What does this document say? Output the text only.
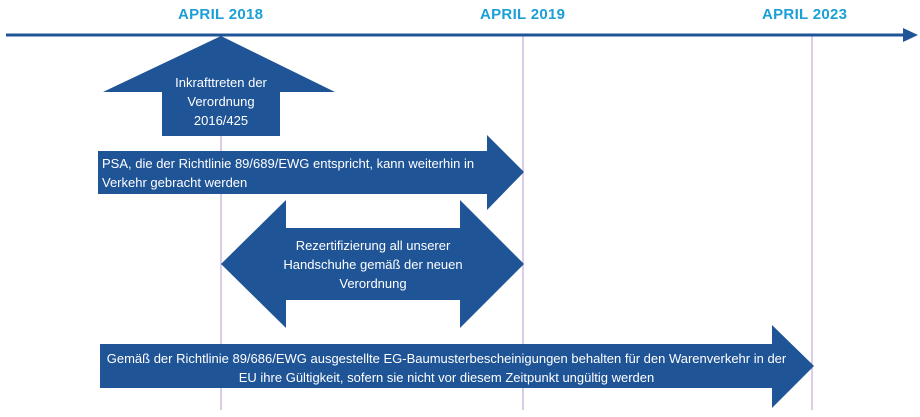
APRIL 2018	APRIL 2019	APRIL 2023
Inkrafttreten der Verordnung 2016/425
PSA, die der Richtlinie 89/689/EWG entspricht, kann weiterhin in Verkehr gebracht werden
Rezertifizierung all unserer Handschuhe gemäß der neuen Verordnung
Gemäß der Richtlinie 89/686/EWG ausgestellte EG-Baumusterbescheinigungen behalten für den Warenverkehr in der EU ihre Gültigkeit, sofern sie nicht vor diesem Zeitpunkt ungültig werden
